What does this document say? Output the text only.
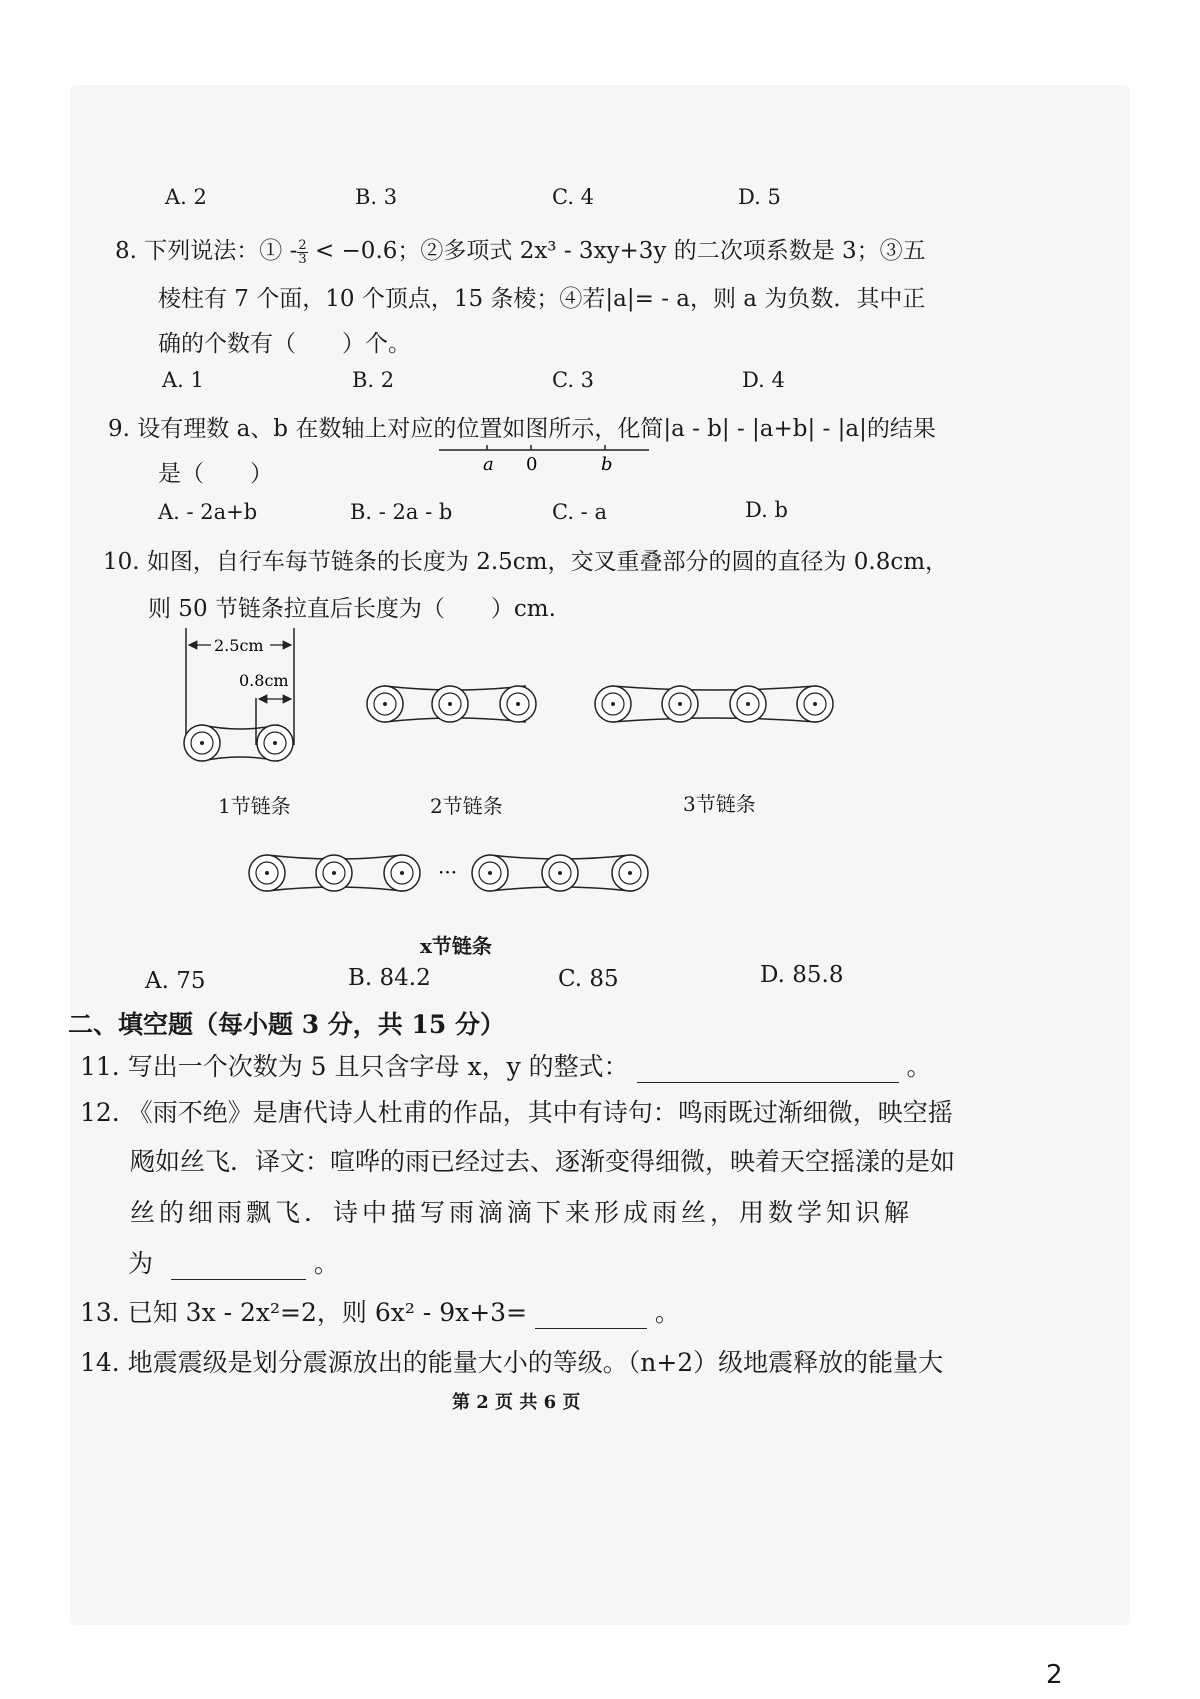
A. 2	B. 3	C. 4	D. 5
8. 下列说法：① - $\frac{2}{3} < -0.6$；②多项式 2x³ - 3xy+3y 的二次项系数是 3；③五
棱柱有 7 个面，10 个顶点，15 条棱；④若|a|= - a，则 a 为负数．其中正
确的个数有（　　）个。
A. 1	B. 2	C. 3	D. 4
9. 设有理数 a、b 在数轴上对应的位置如图所示，化简|a - b| - |a+b| - |a|的结果
是（　　）	a 0	b
A. - 2a+b	B. - 2a - b	C. - a	D. b
10. 如图，自行车每节链条的长度为 2.5cm，交叉重叠部分的圆的直径为 0.8cm，
则 50 节链条拉直后长度为（　　）cm.
2.5cm
0.8cm
1节链条	2节链条	3节链条
···
x节链条
A. 75	B. 84.2	C. 85	D. 85.8
二、填空题（每小题 3 分，共 15 分）
11. 写出一个次数为 5 且只含字母 x，y 的整式：	。
12. 《雨不绝》是唐代诗人杜甫的作品，其中有诗句：鸣雨既过渐细微，映空摇
飏如丝飞．译文：喧哗的雨已经过去、逐渐变得细微，映着天空摇漾的是如
丝的细雨飘飞．诗中描写雨滴滴下来形成雨丝，用数学知识解
为	。
13. 已知 3x - 2x²=2，则 6x² - 9x+3=	。
14. 地震震级是划分震源放出的能量大小的等级。（n+2）级地震释放的能量大
第 2 页 共 6 页
2
